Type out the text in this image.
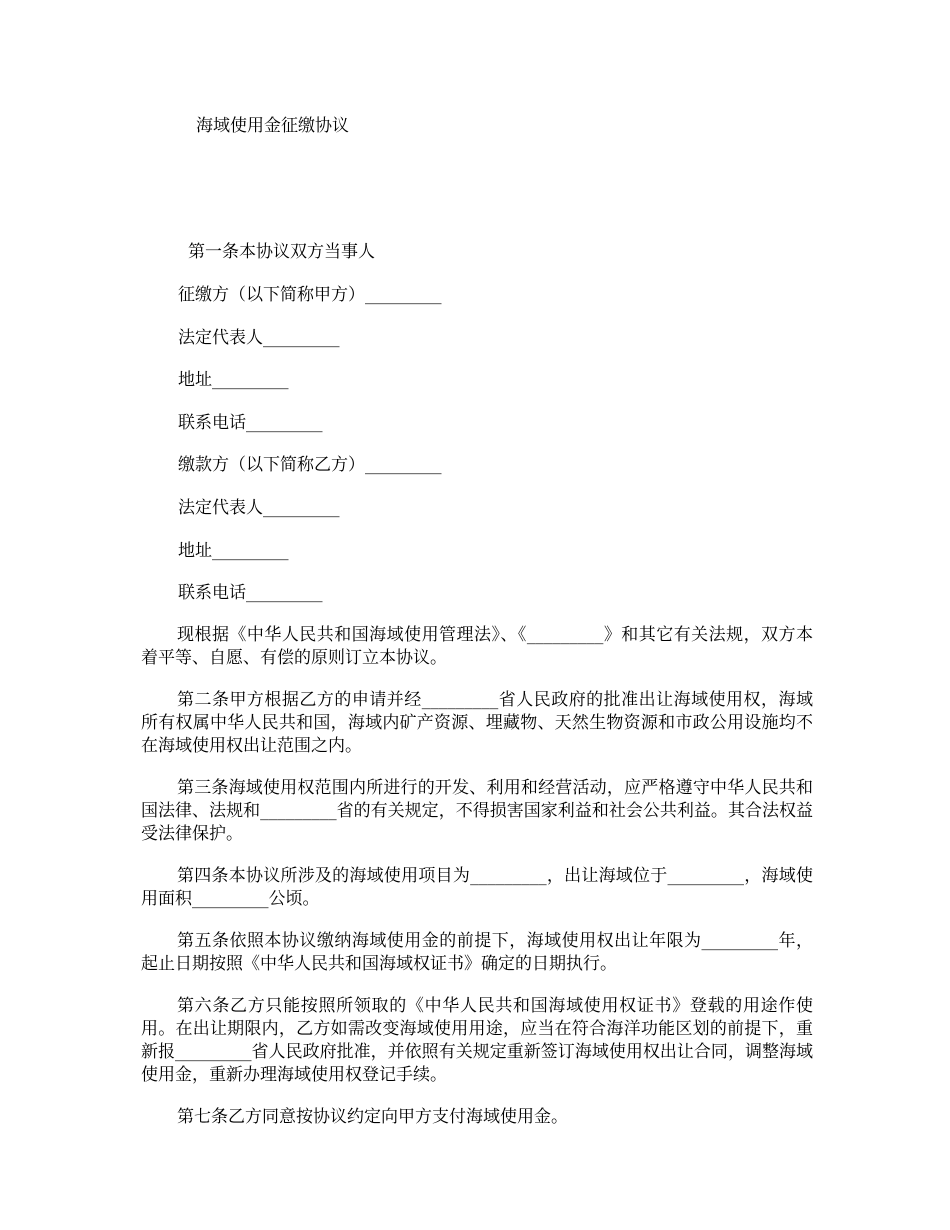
海域使用金征缴协议
第一条本协议双方当事人
征缴方（以下简称甲方）_________
法定代表人_________
地址_________
联系电话_________
缴款方（以下简称乙方）_________
法定代表人_________
地址_________
联系电话_________

现根据《中华人民共和国海域使用管理法》、《_________》和其它有关法规，双方本着平等、自愿、有偿的原则订立本协议。

第二条甲方根据乙方的申请并经_________省人民政府的批准出让海域使用权，海域所有权属中华人民共和国，海域内矿产资源、埋藏物、天然生物资源和市政公用设施均不在海域使用权出让范围之内。

第三条海域使用权范围内所进行的开发、利用和经营活动，应严格遵守中华人民共和国法律、法规和_________省的有关规定，不得损害国家利益和社会公共利益。其合法权益受法律保护。

第四条本协议所涉及的海域使用项目为_________，出让海域位于_________，海域使用面积_________公顷。

第五条依照本协议缴纳海域使用金的前提下，海域使用权出让年限为_________年，起止日期按照《中华人民共和国海域权证书》确定的日期执行。

第六条乙方只能按照所领取的《中华人民共和国海域使用权证书》登载的用途作使用。在出让期限内，乙方如需改变海域使用用途，应当在符合海洋功能区划的前提下，重新报_________省人民政府批准，并依照有关规定重新签订海域使用权出让合同，调整海域使用金，重新办理海域使用权登记手续。

第七条乙方同意按协议约定向甲方支付海域使用金。
